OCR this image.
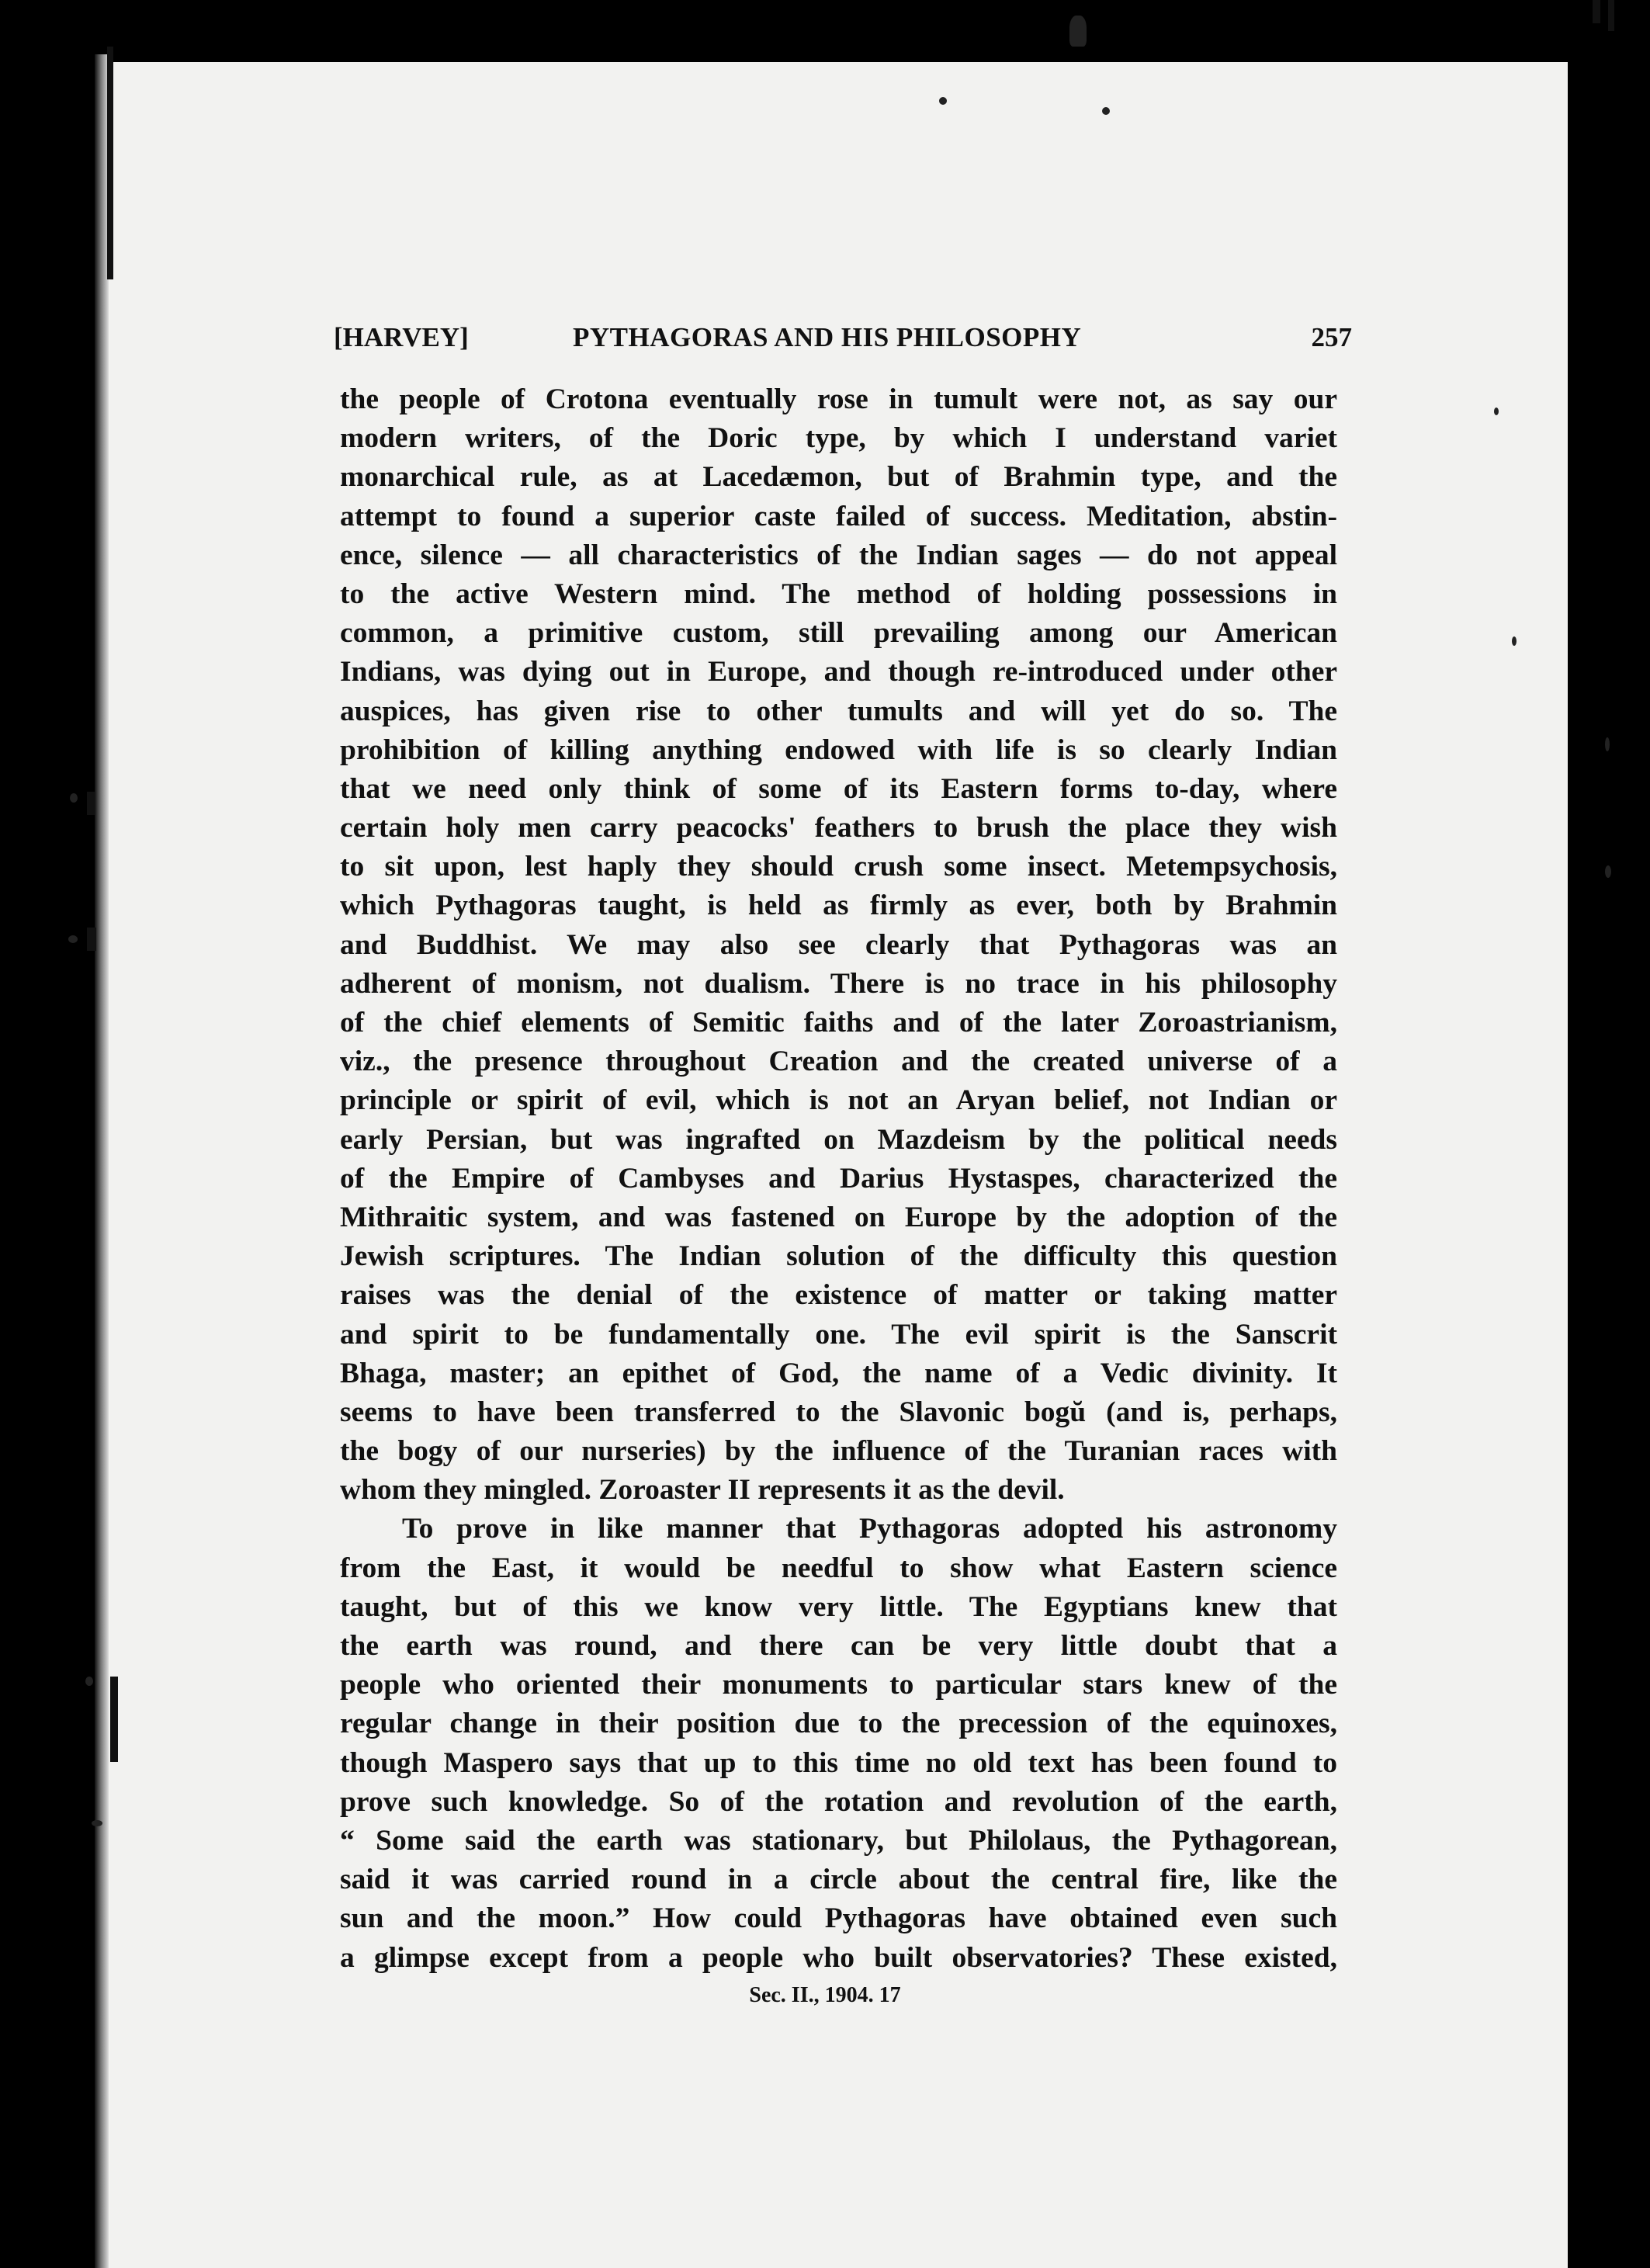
[HARVEY]	PYTHAGORAS AND HIS PHILOSOPHY	257
the people of Crotona eventually rose in tumult were not, as say our
modern writers, of the Doric type, by which I understand variet
monarchical rule, as at Lacedæmon, but of Brahmin type, and the
attempt to found a superior caste failed of success. Meditation, abstin-
ence, silence — all characteristics of the Indian sages — do not appeal
to the active Western mind. The method of holding possessions in
common, a primitive custom, still prevailing among our American
Indians, was dying out in Europe, and though re-introduced under other
auspices, has given rise to other tumults and will yet do so. The
prohibition of killing anything endowed with life is so clearly Indian
that we need only think of some of its Eastern forms to-day, where
certain holy men carry peacocks' feathers to brush the place they wish
to sit upon, lest haply they should crush some insect. Metempsychosis,
which Pythagoras taught, is held as firmly as ever, both by Brahmin
and Buddhist. We may also see clearly that Pythagoras was an
adherent of monism, not dualism. There is no trace in his philosophy
of the chief elements of Semitic faiths and of the later Zoroastrianism,
viz., the presence throughout Creation and the created universe of a
principle or spirit of evil, which is not an Aryan belief, not Indian or
early Persian, but was ingrafted on Mazdeism by the political needs
of the Empire of Cambyses and Darius Hystaspes, characterized the
Mithraitic system, and was fastened on Europe by the adoption of the
Jewish scriptures. The Indian solution of the difficulty this question
raises was the denial of the existence of matter or taking matter
and spirit to be fundamentally one. The evil spirit is the Sanscrit
Bhaga, master; an epithet of God, the name of a Vedic divinity. It
seems to have been transferred to the Slavonic bogŭ (and is, perhaps,
the bogy of our nurseries) by the influence of the Turanian races with
whom they mingled. Zoroaster II represents it as the devil.
To prove in like manner that Pythagoras adopted his astronomy
from the East, it would be needful to show what Eastern science
taught, but of this we know very little. The Egyptians knew that
the earth was round, and there can be very little doubt that a
people who oriented their monuments to particular stars knew of the
regular change in their position due to the precession of the equinoxes,
though Maspero says that up to this time no old text has been found to
prove such knowledge. So of the rotation and revolution of the earth,
“ Some said the earth was stationary, but Philolaus, the Pythagorean,
said it was carried round in a circle about the central fire, like the
sun and the moon.” How could Pythagoras have obtained even such
a glimpse except from a people who built observatories? These existed,
Sec. II., 1904. 17
